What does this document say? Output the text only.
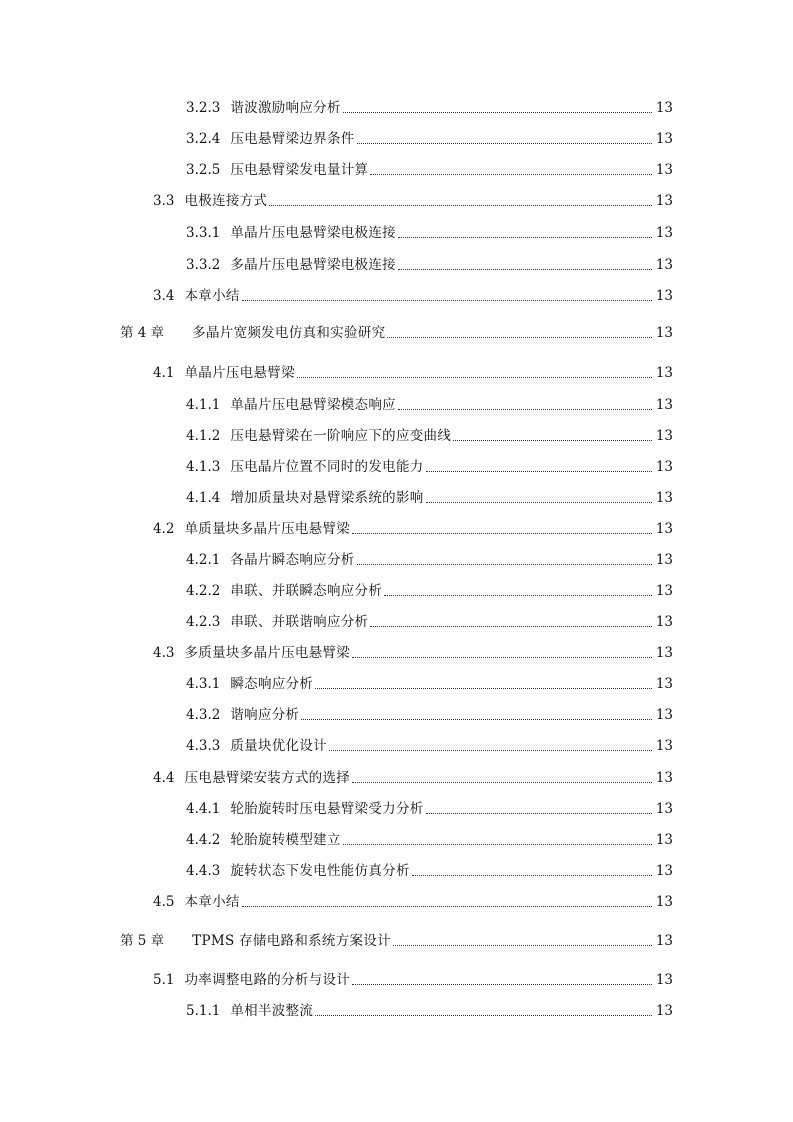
3.2.3 谐波激励响应分析	13
3.2.4 压电悬臂梁边界条件	13
3.2.5 压电悬臂梁发电量计算	13
3.3 电极连接方式	13
3.3.1 单晶片压电悬臂梁电极连接	13
3.3.2 多晶片压电悬臂梁电极连接	13
3.4 本章小结	13
第 4 章	多晶片宽频发电仿真和实验研究	13
4.1 单晶片压电悬臂梁	13
4.1.1 单晶片压电悬臂梁模态响应	13
4.1.2 压电悬臂梁在一阶响应下的应变曲线	13
4.1.3 压电晶片位置不同时的发电能力	13
4.1.4 增加质量块对悬臂梁系统的影响	13
4.2 单质量块多晶片压电悬臂梁	13
4.2.1 各晶片瞬态响应分析	13
4.2.2 串联、并联瞬态响应分析	13
4.2.3 串联、并联谐响应分析	13
4.3 多质量块多晶片压电悬臂梁	13
4.3.1 瞬态响应分析	13
4.3.2 谐响应分析	13
4.3.3 质量块优化设计	13
4.4 压电悬臂梁安装方式的选择	13
4.4.1 轮胎旋转时压电悬臂梁受力分析	13
4.4.2 轮胎旋转模型建立	13
4.4.3 旋转状态下发电性能仿真分析	13
4.5 本章小结	13
第 5 章	TPMS 存储电路和系统方案设计	13
5.1 功率调整电路的分析与设计	13
5.1.1 单相半波整流	13
